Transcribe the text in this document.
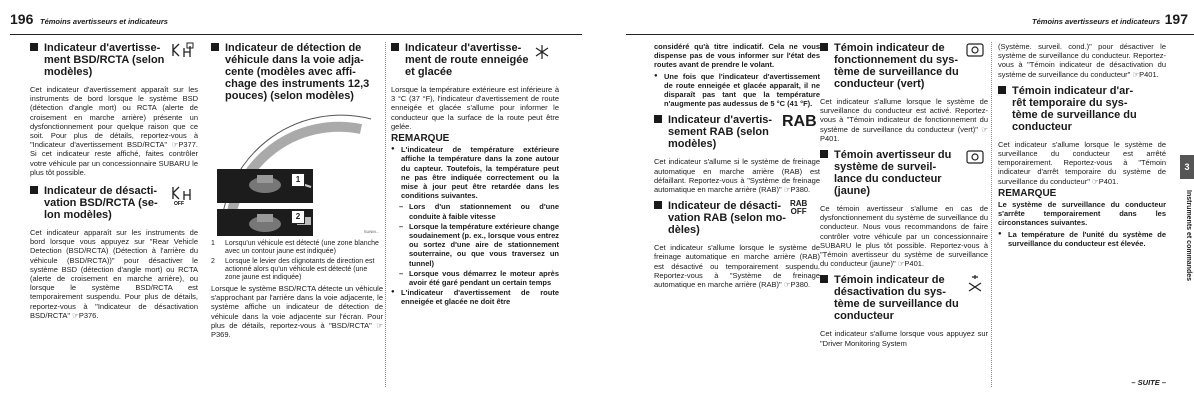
196 Témoins avertisseurs et indicateurs
Indicateur d'avertisse-
ment BSD/RCTA (selon
modèles)

Cet indicateur d'avertissement apparaît sur les instruments de bord lorsque le système BSD (détection d'angle mort) ou RCTA (alerte de croisement en marche arrière) présente un dysfonctionnement pour quelque raison que ce soit. Pour plus de détails, reportez-vous à "Indicateur d'avertissement BSD/RCTA" ☞P377. Si cet indicateur reste affiché, faites contrôler votre véhicule par un concessionnaire SUBARU le plus tôt possible.

Indicateur de désacti-
vation BSD/RCTA (se-
lon modèles)
OFF

Cet indicateur apparaît sur les instruments de bord lorsque vous appuyez sur "Rear Vehicle Detection (BSD/RCTA) (Détection à l'arrière du véhicule (BSD/RCTA))" pour désactiver le système BSD (détection d'angle mort) ou RCTA (alerte de croisement en marche arrière), ou lorsque le système BSD/RCTA est temporairement suspendu. Pour plus de détails, reportez-vous à "Indicateur de désactivation BSD/RCTA" ☞P376.

Indicateur de détection de
véhicule dans la voie adja-
cente (modèles avec affi-
chage des instruments 12,3
pouces) (selon modèles)
1
2
SUNM...
1	Lorsqu'un véhicule est détecté (une zone blanche avec un contour jaune est indiquée)
2	Lorsque le levier des clignotants de direction est actionné alors qu'un véhicule est détecté (une zone jaune est indiquée)

Lorsque le système BSD/RCTA détecte un véhicule s'approchant par l'arrière dans la voie adjacente, le système affiche un indicateur de détection de véhicule dans la voie adjacente sur l'écran. Pour plus de détails, reportez-vous à "BSD/RCTA" ☞P369.

Indicateur d'avertisse-
ment de route enneigée
et glacée

Lorsque la température extérieure est inférieure à 3 °C (37 °F), l'indicateur d'avertissement de route enneigée et glacée s'allume pour informer le conducteur que la surface de la route peut être gelée.

REMARQUE
● L'indicateur de température extérieure affiche la température dans la zone autour du capteur. Toutefois, la température peut ne pas être indiquée correctement ou la mise à jour peut être retardée dans les conditions suivantes.
– Lors d'un stationnement ou d'une conduite à faible vitesse
– Lorsque la température extérieure change soudainement (p. ex., lorsque vous entrez ou sortez d'une aire de stationnement souterraine, ou que vous traversez un tunnel)
– Lorsque vous démarrez le moteur après avoir été garé pendant un certain temps
● L'indicateur d'avertissement de route enneigée et glacée ne doit être
Témoins avertisseurs et indicateurs 197

considéré qu'à titre indicatif. Cela ne vous dispense pas de vous informer sur l'état des routes avant de prendre le volant.

● Une fois que l'indicateur d'avertissement de route enneigée et glacée apparaît, il ne disparaît pas tant que la température n'augmente pas audessus de 5 °C (41 °F).
Indicateur d'avertis-
sement RAB (selon
modèles)
RAB

Cet indicateur s'allume si le système de freinage automatique en marche arrière (RAB) est défaillant. Reportez-vous à "Système de freinage automatique en marche arrière (RAB)" ☞P380.

Indicateur de désacti-
vation RAB (selon mo-
dèles)
RAB
OFF

Cet indicateur s'allume lorsque le système de freinage automatique en marche arrière (RAB) est désactivé ou temporairement suspendu. Reportez-vous à "Système de freinage automatique en marche arrière (RAB)" ☞P380.

Témoin indicateur de
fonctionnement du sys-
tème de surveillance du
conducteur (vert)

Cet indicateur s'allume lorsque le système de surveillance du conducteur est activé. Reportez-vous à "Témoin indicateur de fonctionnement du système de surveillance du conducteur (vert)" ☞P401.

Témoin avertisseur du
système de surveil-
lance du conducteur
(jaune)

Ce témoin avertisseur s'allume en cas de dysfonctionnement du système de surveillance du conducteur. Nous vous recommandons de faire contrôler votre véhicule par un concessionnaire SUBARU le plus tôt possible. Reportez-vous à "Témoin avertisseur du système de surveillance du conducteur (jaune)" ☞P401.

Témoin indicateur de
désactivation du sys-
tème de surveillance du
conducteur

Cet indicateur s'allume lorsque vous appuyez sur "Driver Monitoring System

(Système. surveil. cond.)" pour désactiver le système de surveillance du conducteur. Reportez-vous à "Témoin indicateur de désactivation du système de surveillance du conducteur" ☞P401.

Témoin indicateur d'ar-
rêt temporaire du sys-
tème de surveillance du
conducteur

Cet indicateur s'allume lorsque le système de surveillance du conducteur est arrêté temporairement. Reportez-vous à "Témoin indicateur d'arrêt temporaire du système de surveillance du conducteur" ☞P401.

REMARQUE

Le système de surveillance du conducteur s'arrête temporairement dans les circonstances suivantes.

● La température de l'unité du système de surveillance du conducteur est élevée.
3
Instruments et commandes
– SUITE –
